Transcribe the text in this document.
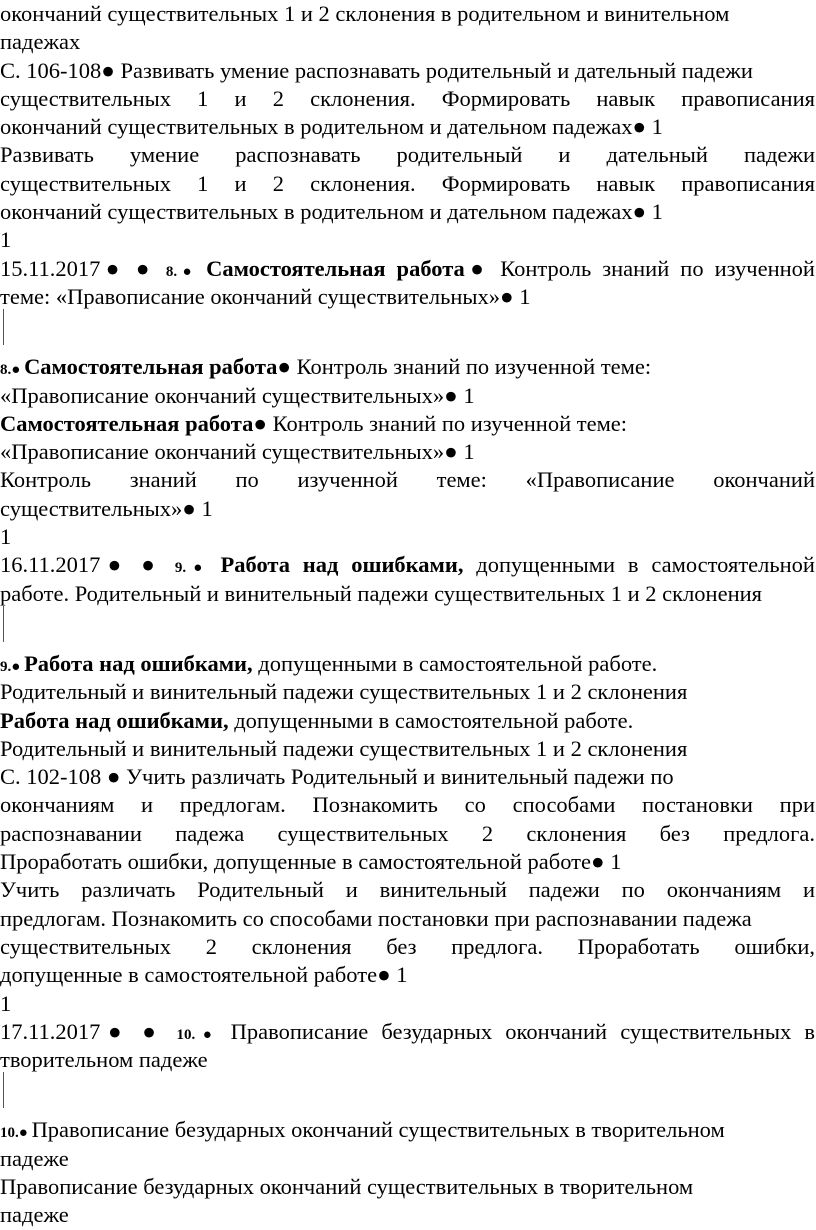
окончаний существительных 1 и 2 склонения в родительном и винительном
падежах
С. 106-108● Развивать умение распознавать родительный и дательный падежи
существительных 1 и 2 склонения. Формировать навык правописания
окончаний существительных в родительном и дательном падежах● 1
Развивать умение распознавать родительный и дательный падежи
существительных 1 и 2 склонения. Формировать навык правописания
окончаний существительных в родительном и дательном падежах● 1
1
15.11.2017● ● 8.● Самостоятельная работа● Контроль знаний по изученной
теме: «Правописание окончаний существительных»● 1
8.● Самостоятельная работа● Контроль знаний по изученной теме:
«Правописание окончаний существительных»● 1
Самостоятельная работа● Контроль знаний по изученной теме:
«Правописание окончаний существительных»● 1
Контроль знаний по изученной теме: «Правописание окончаний
существительных»● 1
1
16.11.2017● ● 9.● Работа над ошибками, допущенными в самостоятельной
работе. Родительный и винительный падежи существительных 1 и 2 склонения
9.● Работа над ошибками, допущенными в самостоятельной работе.
Родительный и винительный падежи существительных 1 и 2 склонения
Работа над ошибками, допущенными в самостоятельной работе.
Родительный и винительный падежи существительных 1 и 2 склонения
С. 102-108 ● Учить различать Родительный и винительный падежи по
окончаниям и предлогам. Познакомить со способами постановки при
распознавании падежа существительных 2 склонения без предлога.
Проработать ошибки, допущенные в самостоятельной работе● 1
Учить различать Родительный и винительный падежи по окончаниям и
предлогам. Познакомить со способами постановки при распознавании падежа
существительных 2 склонения без предлога. Проработать ошибки,
допущенные в самостоятельной работе● 1
1
17.11.2017● ● 10.● Правописание безударных окончаний существительных в
творительном падеже
10.● Правописание безударных окончаний существительных в творительном
падеже
Правописание безударных окончаний существительных в творительном
падеже
